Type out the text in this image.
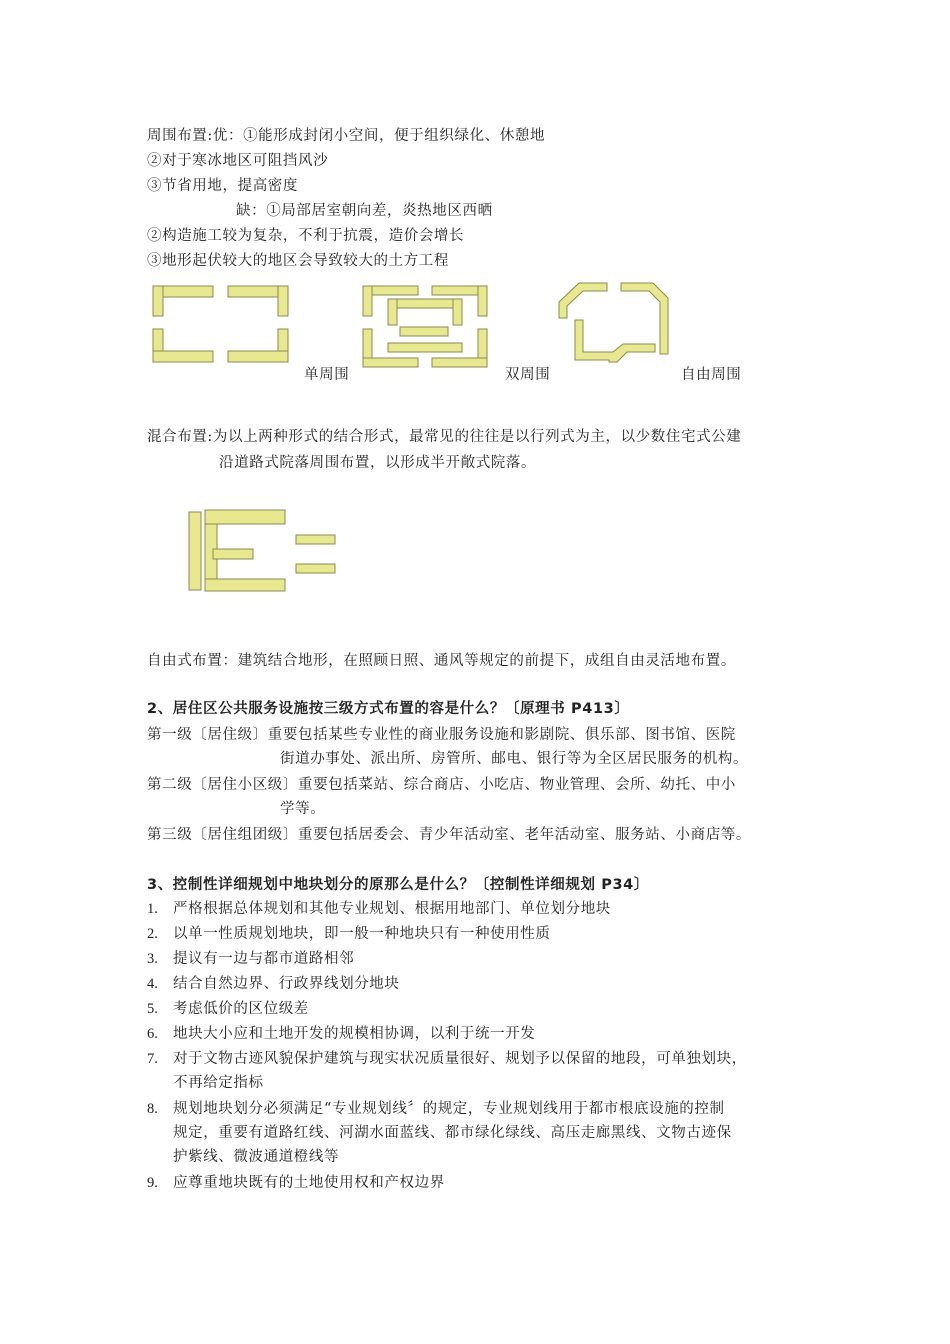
周围布置:优：①能形成封闭小空间，便于组织绿化、休憩地
②对于寒冰地区可阻挡风沙
③节省用地，提高密度
缺：①局部居室朝向差，炎热地区西晒
②构造施工较为复杂，不利于抗震，造价会增长
③地形起伏较大的地区会导致较大的土方工程
单周围	双周围	自由周围
混合布置:为以上两种形式的结合形式，最常见的往往是以行列式为主，以少数住宅式公建
沿道路式院落周围布置，以形成半开敞式院落。
自由式布置：建筑结合地形，在照顾日照、通风等规定的前提下，成组自由灵活地布置。
2、居住区公共服务设施按三级方式布置的容是什么？〔原理书 P413〕
第一级〔居住级〕重要包括某些专业性的商业服务设施和影剧院、俱乐部、图书馆、医院
街道办事处、派出所、房管所、邮电、银行等为全区居民服务的机构。
第二级〔居住小区级〕重要包括菜站、综合商店、小吃店、物业管理、会所、幼托、中小
学等。
第三级〔居住组团级〕重要包括居委会、青少年活动室、老年活动室、服务站、小商店等。
3、控制性详细规划中地块划分的原那么是什么？〔控制性详细规划 P34〕
1. 严格根据总体规划和其他专业规划、根据用地部门、单位划分地块
2. 以单一性质规划地块，即一般一种地块只有一种使用性质
3. 提议有一边与都市道路相邻
4. 结合自然边界、行政界线划分地块
5. 考虑低价的区位级差
6. 地块大小应和土地开发的规模相协调，以利于统一开发
7. 对于文物古迹风貌保护建筑与现实状况质量很好、规划予以保留的地段，可单独划块，
不再给定指标
8. 规划地块划分必须满足“专业规划线〞的规定，专业规划线用于都市根底设施的控制
规定，重要有道路红线、河湖水面蓝线、都市绿化绿线、高压走廊黑线、文物古迹保
护紫线、微波通道橙线等
9. 应尊重地块既有的土地使用权和产权边界
